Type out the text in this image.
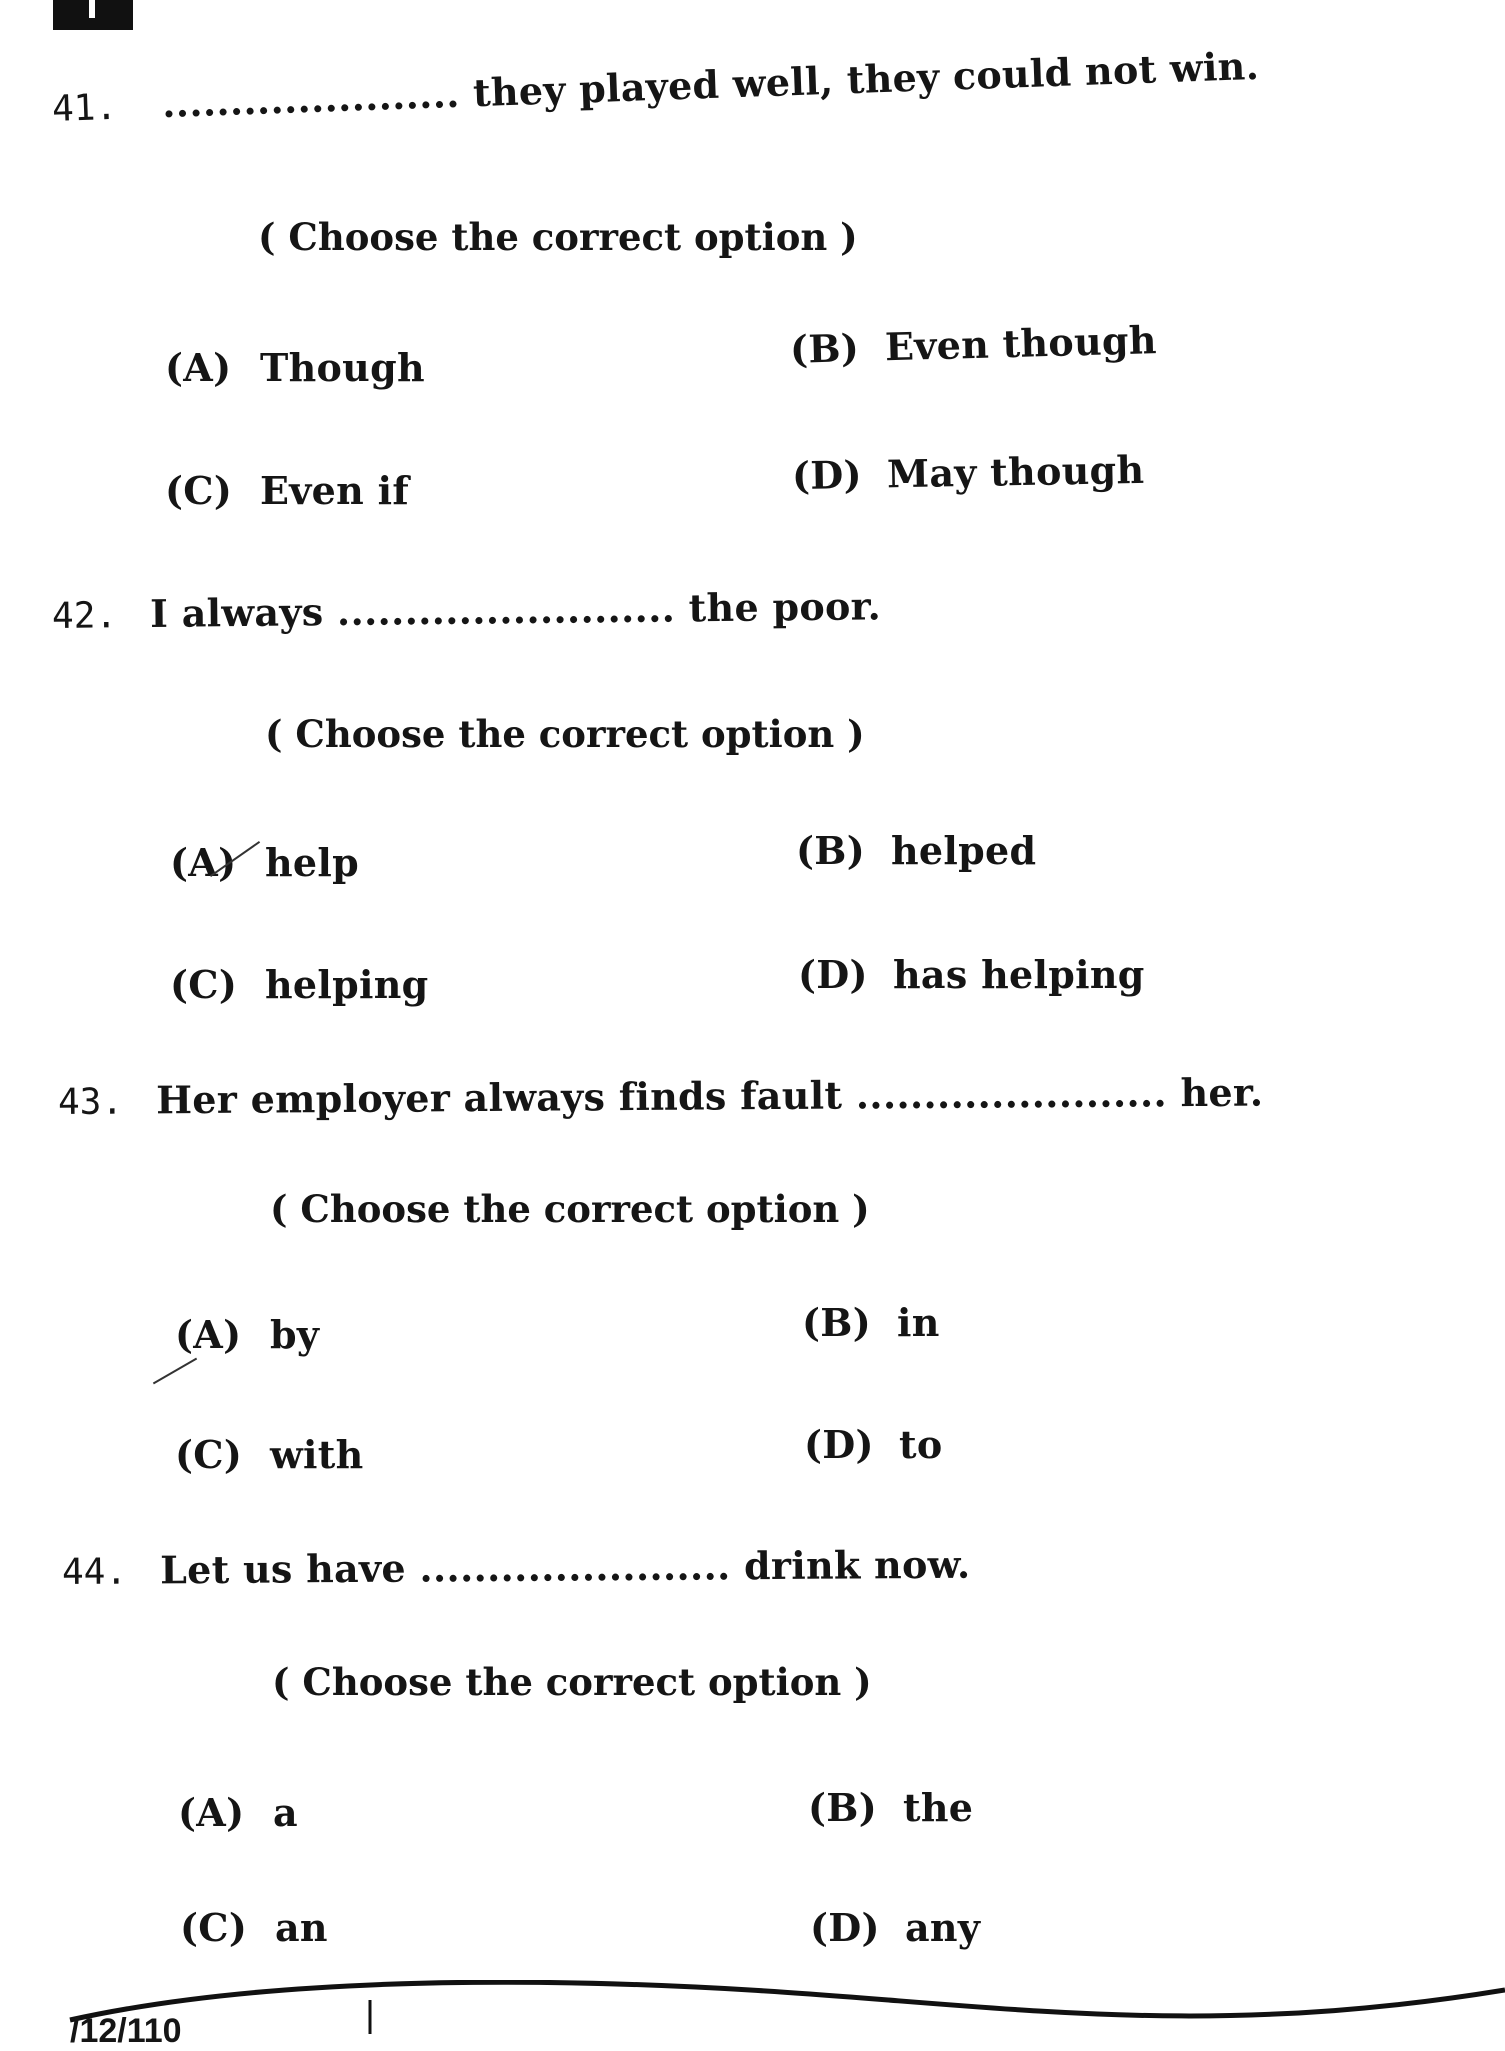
41. ...................... they played well, they could not win.
( Choose the correct option )
(A) Though	(B) Even though
(C) Even if	(D) May though
42. I always ......................... the poor.
( Choose the correct option )
(A) help	(B) helped
(C) helping	(D) has helping
43. Her employer always finds fault ....................... her.
( Choose the correct option )
(A) by	(B) in
(C) with	(D) to
44. Let us have ....................... drink now.
( Choose the correct option )
(A) a	(B) the
(C) an	(D) any
/12/110
